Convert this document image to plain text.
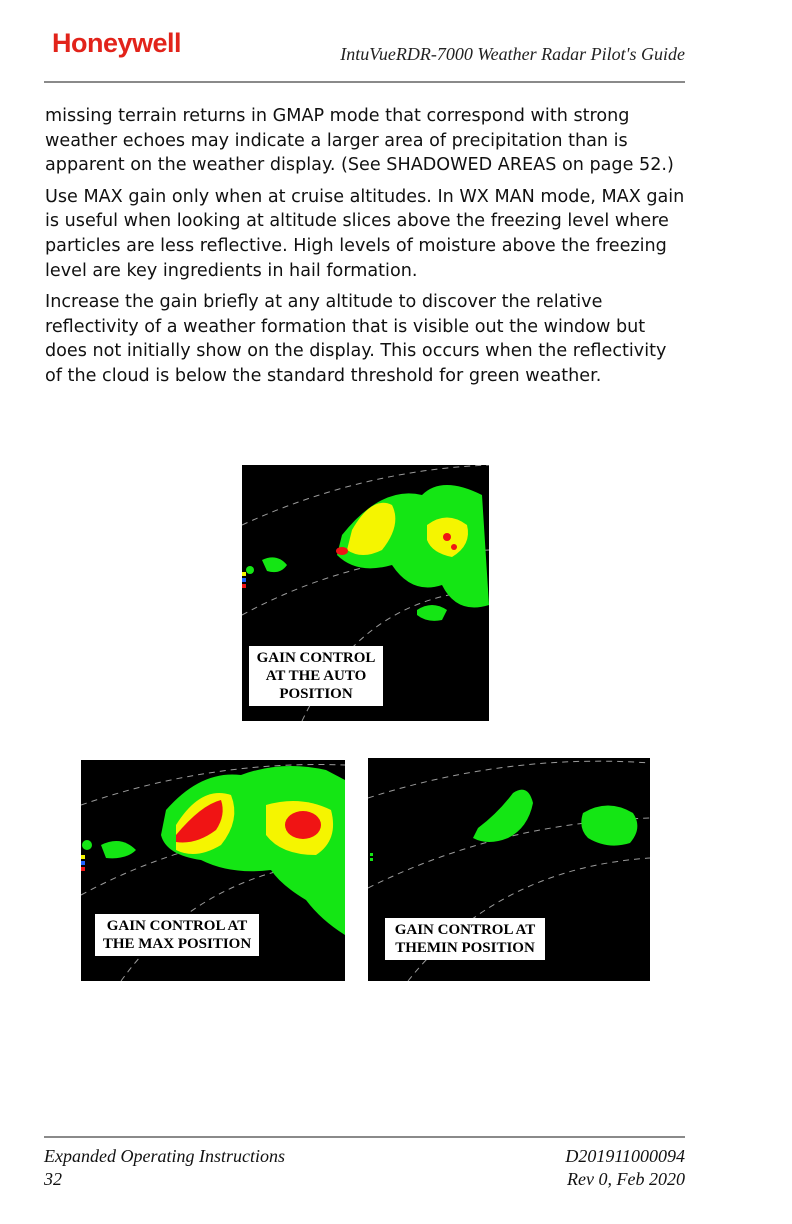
Honeywell	IntuVueRDR-7000 Weather Radar Pilot's Guide

missing terrain returns in GMAP mode that correspond with strong weather echoes may indicate a larger area of precipitation than is apparent on the weather display. (See SHADOWED AREAS on page 52.)

Use MAX gain only when at cruise altitudes. In WX MAN mode, MAX gain is useful when looking at altitude slices above the freezing level where particles are less reflective. High levels of moisture above the freezing level are key ingredients in hail formation.

Increase the gain briefly at any altitude to discover the relative reflectivity of a weather formation that is visible out the window but does not initially show on the display. This occurs when the reflectivity of the cloud is below the standard threshold for green weather.

GAIN CONTROL
AT THE AUTO
POSITION
GAIN CONTROL AT
THE MAX POSITION
GAIN CONTROL AT
THEMIN POSITION
Expanded Operating Instructions
32
D201911000094
Rev 0, Feb 2020
